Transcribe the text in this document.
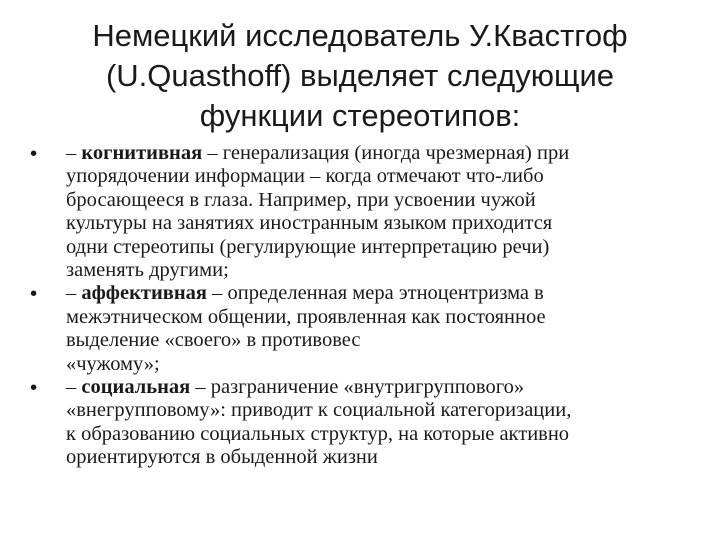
Немецкий исследователь У.Квастгоф
(U.Quasthoff) выделяет следующие
функции стереотипов:
•	– когнитивная – генерализация (иногда чрезмерная) при
упорядочении информации – когда отмечают что-либо
бросающееся в глаза. Например, при усвоении чужой
культуры на занятиях иностранным языком приходится
одни стереотипы (регулирующие интерпретацию речи)
заменять другими;
•	– аффективная – определенная мера этноцентризма в
межэтническом общении, проявленная как постоянное
выделение «своего» в противовес
«чужому»;
•	– социальная – разграничение «внутригруппового»
«внегрупповому»: приводит к социальной категоризации,
к образованию социальных структур, на которые активно
ориентируются в обыденной жизни
